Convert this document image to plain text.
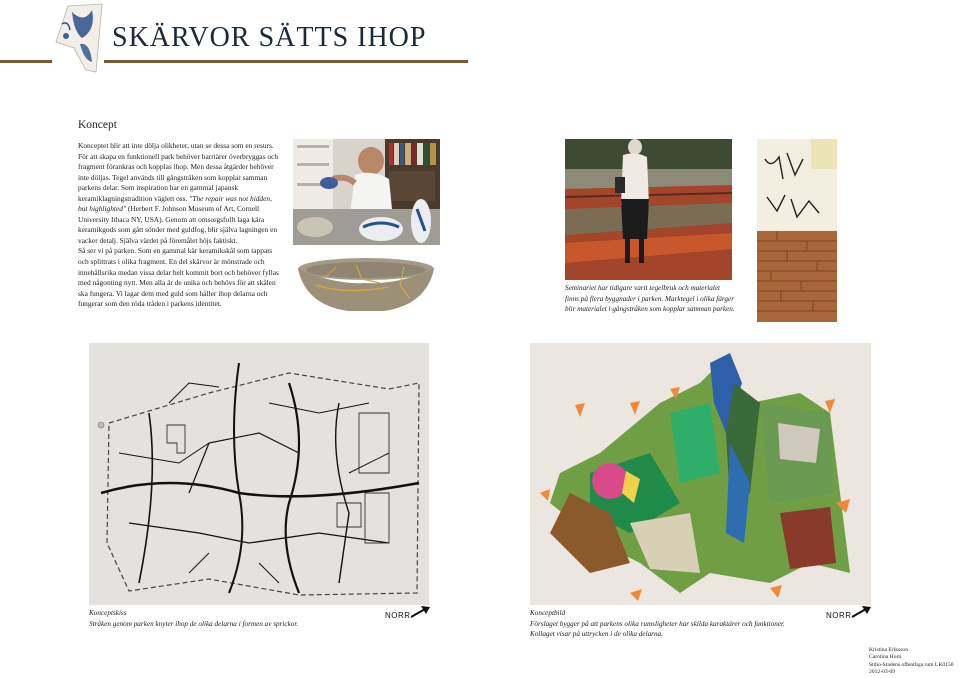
SKÄRVOR SÄTTS IHOP
Koncept

Konceptet blir att inte dölja olikheter, utan se dessa som en resurs. För att skapa en funktionell park behöver barriärer överbryggas och fragment förankras och kopplas ihop. Men dessa åtgärder behöver inte döljas. Tegel används till gångstråken som kopplar samman parkens delar. Som inspiration har en gammal japansk keramiklagningstradition väglett oss. "The repair was not hidden, but highlighted" (Herbert F. Johnson Museum of Art, Cornell University Ithaca NY, USA). Genom att omsorgsfullt laga kära keramikgods som gått sönder med guldfog, blir själva lagningen en vacker detalj. Själva värdet på föremålet höjs faktiskt.

Så ser vi på parken. Som en gammal kär keramikskål som tappats och splittrats i olika fragment. En del skärvor är mönstrade och innehållsrika medan vissa delar helt kommit bort och behöver fyllas med någonting nytt. Men alla är de unika och behövs för att skålen ska fungera. Vi lagar dem med guld som håller ihop delarna och fungerar som den röda tråden i parkens identitet.

Seminariet har tidigare varit tegelbruk och materialet finns på flera byggnader i parken. Marktegel i olika färger blir materialet i gångstråken som kopplar samman parken.
Konceptskiss
Stråken genom parken knyter ihop de olika delarna i formen av sprickor.
NORR	Konceptbild
Förslaget bygger på att parkens olika rumsligheter har skilda karaktärer och funktioner.
Kollaget visar på uttrycken i de olika delarna.
NORR
Kristina Eriksson
Carolina Horn
Stdio-Stadens offentliga rum LK0150
2012-03-09
